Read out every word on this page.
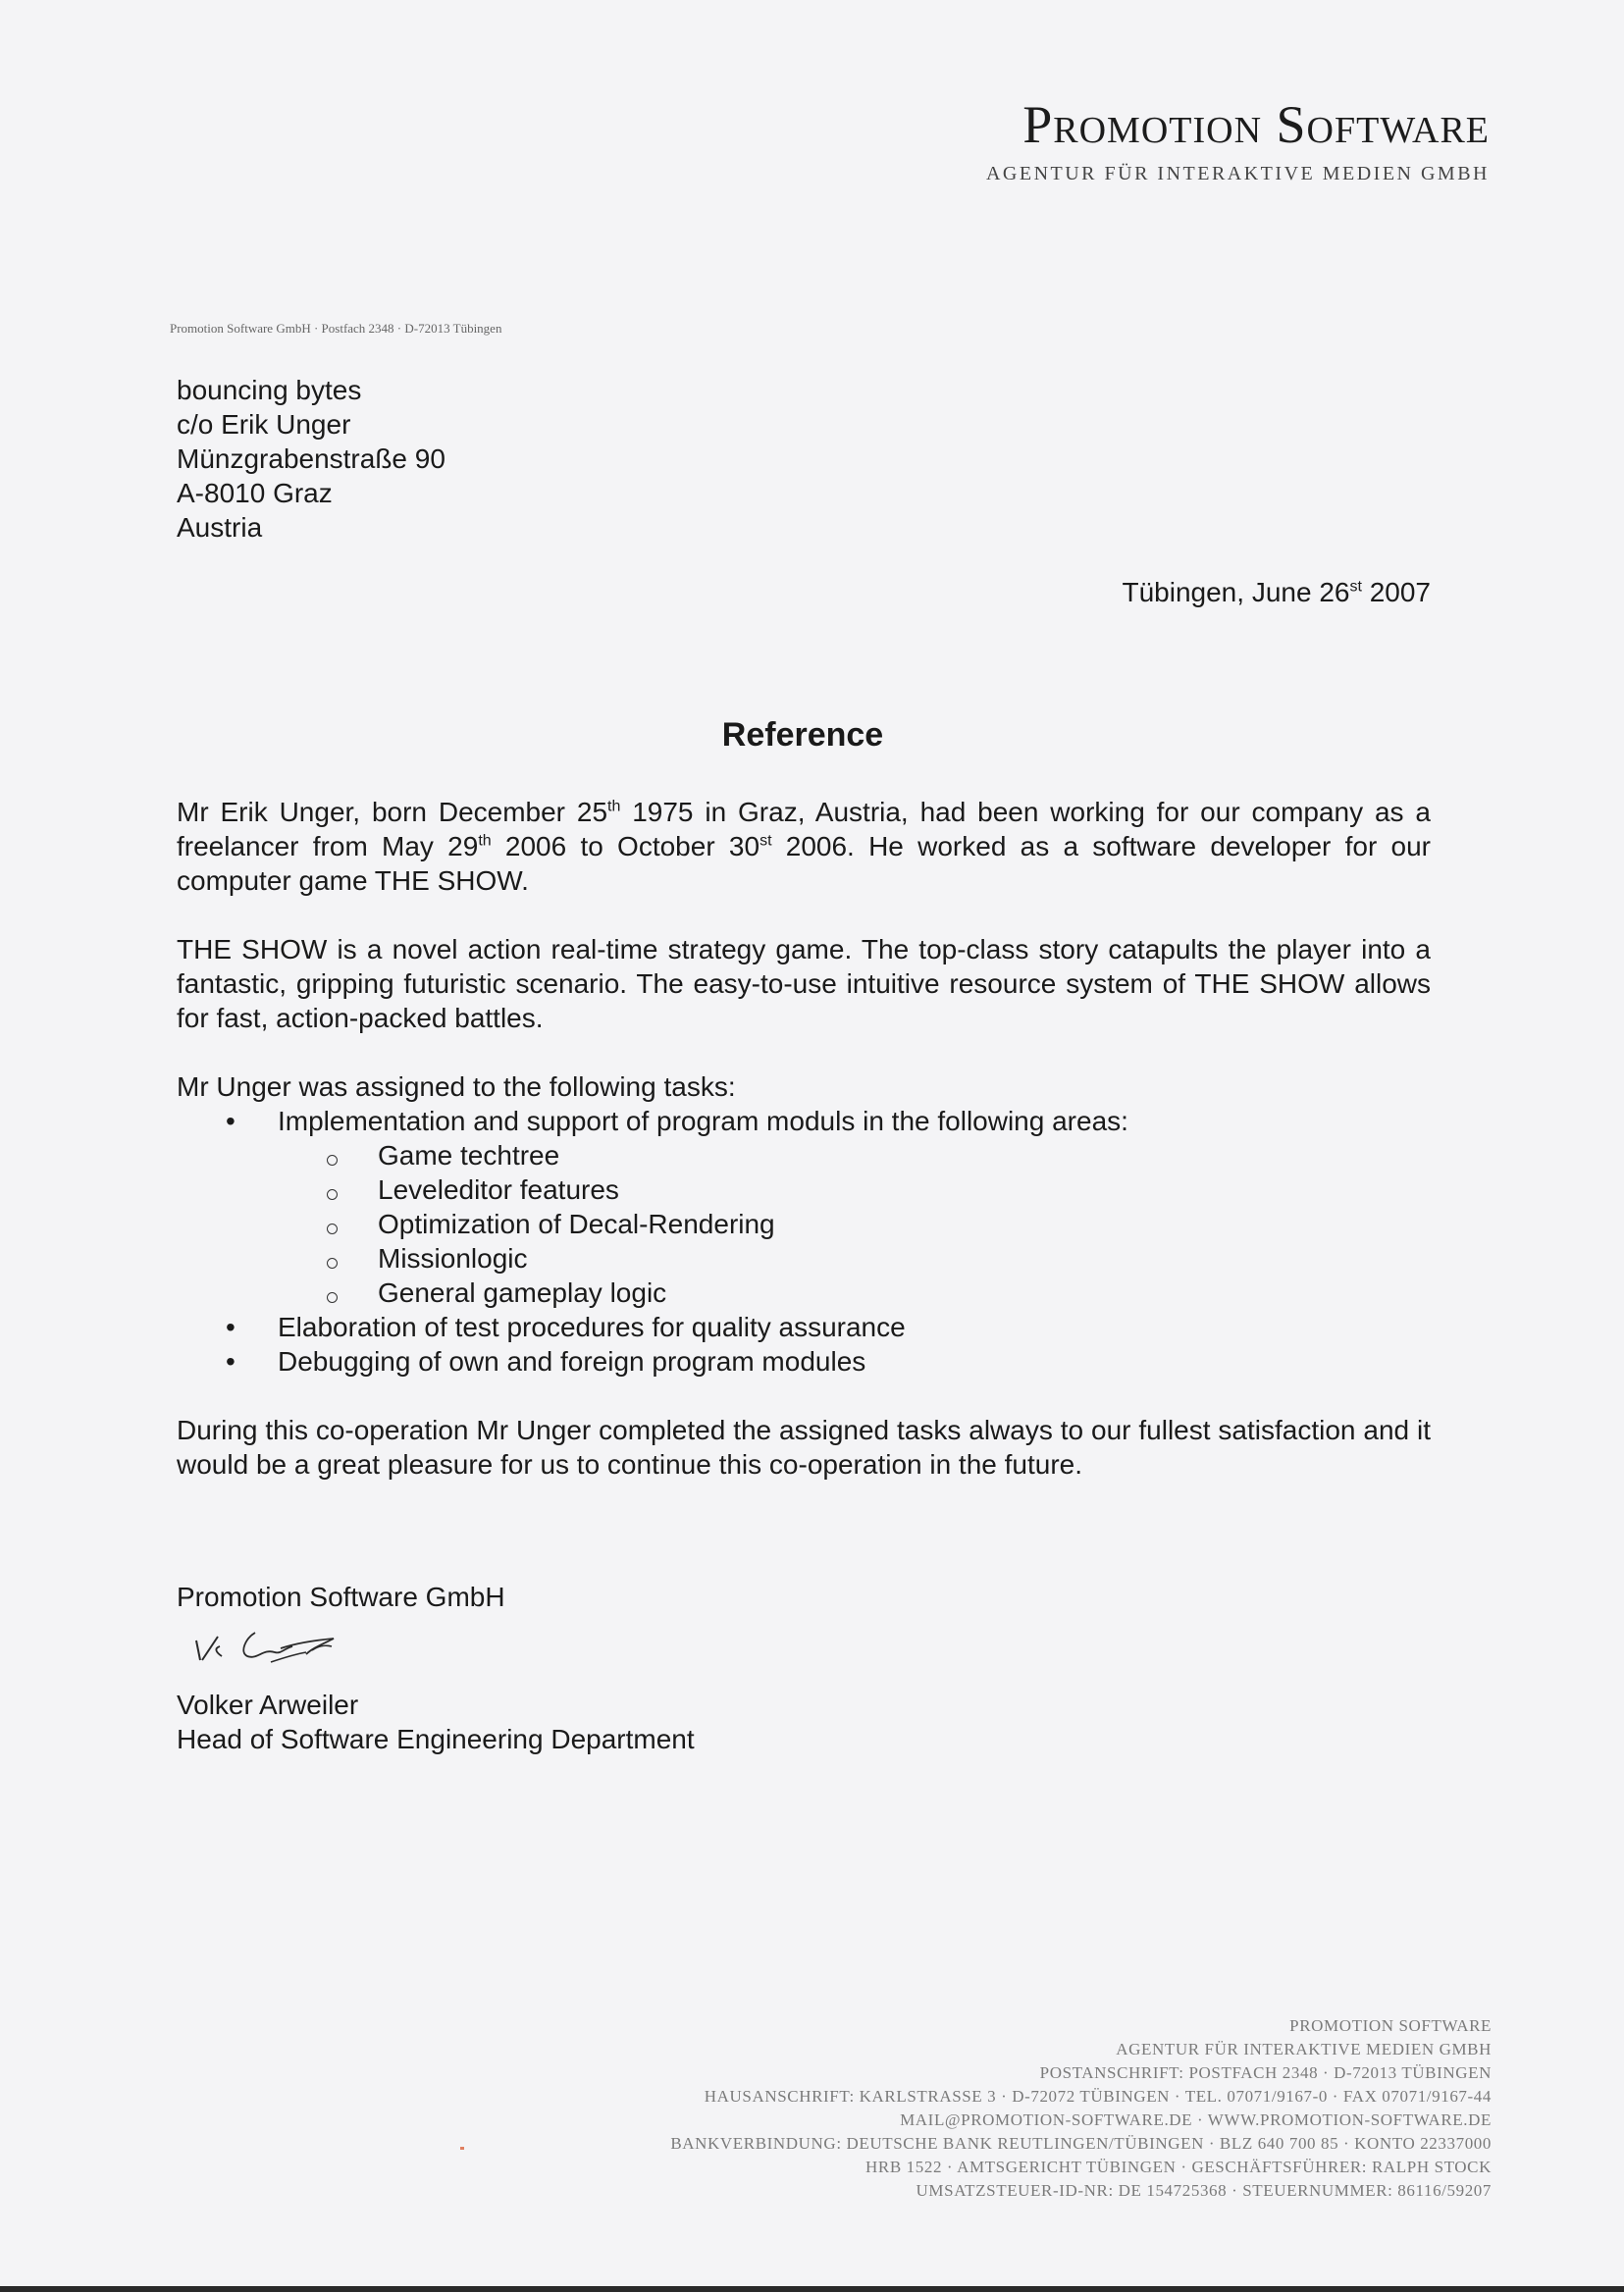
Promotion Software
AGENTUR FÜR INTERAKTIVE MEDIEN GMBH
Promotion Software GmbH · Postfach 2348 · D-72013 Tübingen
bouncing bytes
c/o Erik Unger
Münzgrabenstraße 90
A-8010 Graz
Austria
Tübingen, June 26st 2007
Reference

Mr Erik Unger, born December 25th 1975 in Graz, Austria, had been working for our company as a freelancer from May 29th 2006 to October 30st 2006. He worked as a software developer for our computer game THE SHOW.

THE SHOW is a novel action real-time strategy game. The top-class story catapults the player into a fantastic, gripping futuristic scenario. The easy-to-use intuitive resource system of THE SHOW allows for fast, action-packed battles.

Mr Unger was assigned to the following tasks:

• Implementation and support of program moduls in the following areas:
Game techtree
Leveleditor features
Optimization of Decal-Rendering
Missionlogic
General gameplay logic
• Elaboration of test procedures for quality assurance
• Debugging of own and foreign program modules

During this co-operation Mr Unger completed the assigned tasks always to our fullest satisfaction and it would be a great pleasure for us to continue this co-operation in the future.

Promotion Software GmbH
Volker Arweiler
Head of Software Engineering Department
PROMOTION SOFTWARE
AGENTUR FÜR INTERAKTIVE MEDIEN GMBH
POSTANSCHRIFT: POSTFACH 2348 · D-72013 TÜBINGEN
HAUSANSCHRIFT: KARLSTRASSE 3 · D-72072 TÜBINGEN · TEL. 07071/9167-0 · FAX 07071/9167-44
MAIL@PROMOTION-SOFTWARE.DE · WWW.PROMOTION-SOFTWARE.DE
BANKVERBINDUNG: DEUTSCHE BANK REUTLINGEN/TÜBINGEN · BLZ 640 700 85 · KONTO 22337000
HRB 1522 · AMTSGERICHT TÜBINGEN · GESCHÄFTSFÜHRER: RALPH STOCK
UMSATZSTEUER-ID-NR: DE 154725368 · STEUERNUMMER: 86116/59207
